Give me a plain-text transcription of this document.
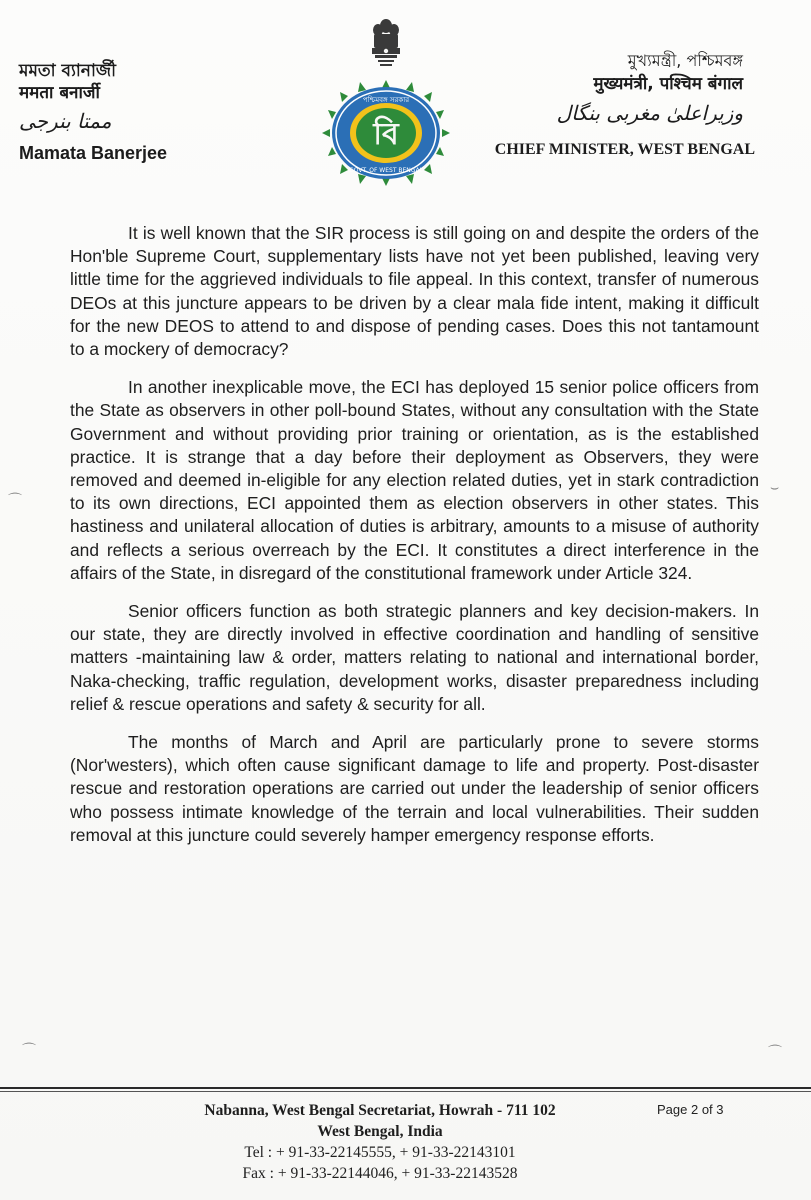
মমতা ব্যানার্জী
ममता बनार्जी
ممتا بنرجی
Mamata Banerjee
বি
পশ্চিমবঙ্গ সরকার
GOVT. OF WEST BENGAL
মুখ্যমন্ত্রী, পশ্চিমবঙ্গ
मुख्यमंत्री, पश्चिम बंगाल
وزیراعلیٰ مغربی بنگال
CHIEF MINISTER, WEST BENGAL

It is well known that the SIR process is still going on and despite the orders of the Hon'ble Supreme Court, supplementary lists have not yet been published, leaving very little time for the aggrieved individuals to file appeal. In this context, transfer of numerous DEOs at this juncture appears to be driven by a clear mala fide intent, making it difficult for the new DEOS to attend to and dispose of pending cases. Does this not tantamount to a mockery of democracy?

In another inexplicable move, the ECI has deployed 15 senior police officers from the State as observers in other poll-bound States, without any consultation with the State Government and without providing prior training or orientation, as is the established practice. It is strange that a day before their deployment as Observers, they were removed and deemed in-eligible for any election related duties, yet in stark contradiction to its own directions, ECI appointed them as election observers in other states. This hastiness and unilateral allocation of duties is arbitrary, amounts to a misuse of authority and reflects a serious overreach by the ECI. It constitutes a direct interference in the affairs of the State, in disregard of the constitutional framework under Article 324.

Senior officers function as both strategic planners and key decision-makers. In our state, they are directly involved in effective coordination and handling of sensitive matters -maintaining law & order, matters relating to national and international border, Naka-checking, traffic regulation, development works, disaster preparedness including relief & rescue operations and safety & security for all.

The months of March and April are particularly prone to severe storms (Nor'westers), which often cause significant damage to life and property. Post-disaster rescue and restoration operations are carried out under the leadership of senior officers who possess intimate knowledge of the terrain and local vulnerabilities. Their sudden removal at this juncture could severely hamper emergency response efforts.

⌒
⌣
⌒
⌒
Nabanna, West Bengal Secretariat, Howrah - 711 102
West Bengal, India
Tel : + 91-33-22145555, + 91-33-22143101
Fax : + 91-33-22144046, + 91-33-22143528
Page 2 of 3
